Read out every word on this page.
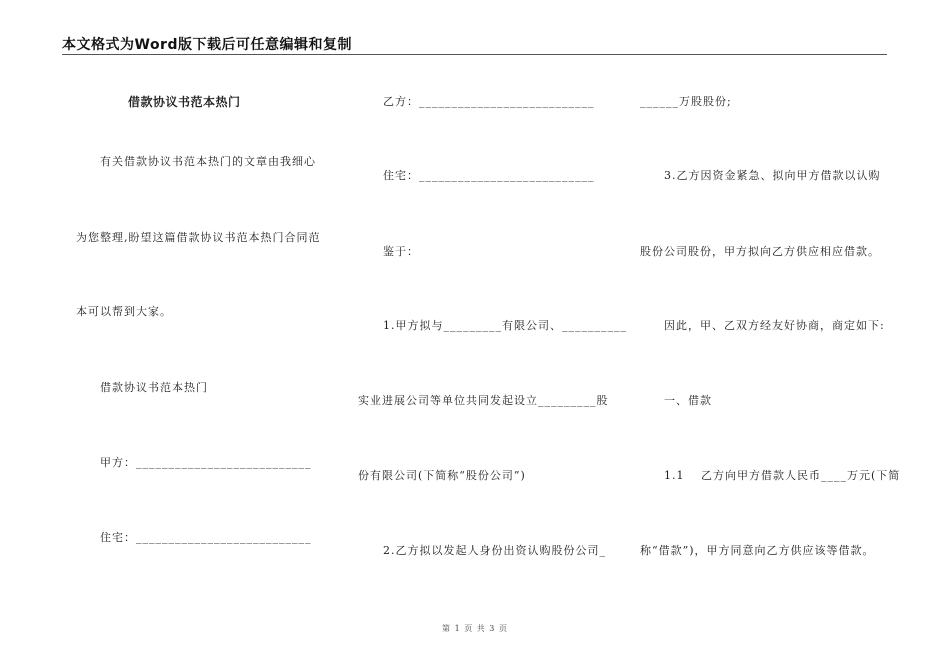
本文格式为Word版下载后可任意编辑和复制
借款协议书范本热门
有关借款协议书范本热门的文章由我细心
为您整理,盼望这篇借款协议书范本热门合同范
本可以帮到大家。
借款协议书范本热门
甲方：___________________________
住宅：___________________________
乙方：___________________________
住宅：___________________________
鉴于：
1.甲方拟与_________有限公司、__________
实业进展公司等单位共同发起设立_________股
份有限公司(下简称“股份公司”)
2.乙方拟以发起人身份出资认购股份公司_
______万股股份;
3.乙方因资金紧急、拟向甲方借款以认购
股份公司股份，甲方拟向乙方供应相应借款。
因此，甲、乙双方经友好协商，商定如下:
一、借款
1.1　 乙方向甲方借款人民币____万元(下简
称“借款”)，甲方同意向乙方供应该等借款。
第 1 页 共 3 页
